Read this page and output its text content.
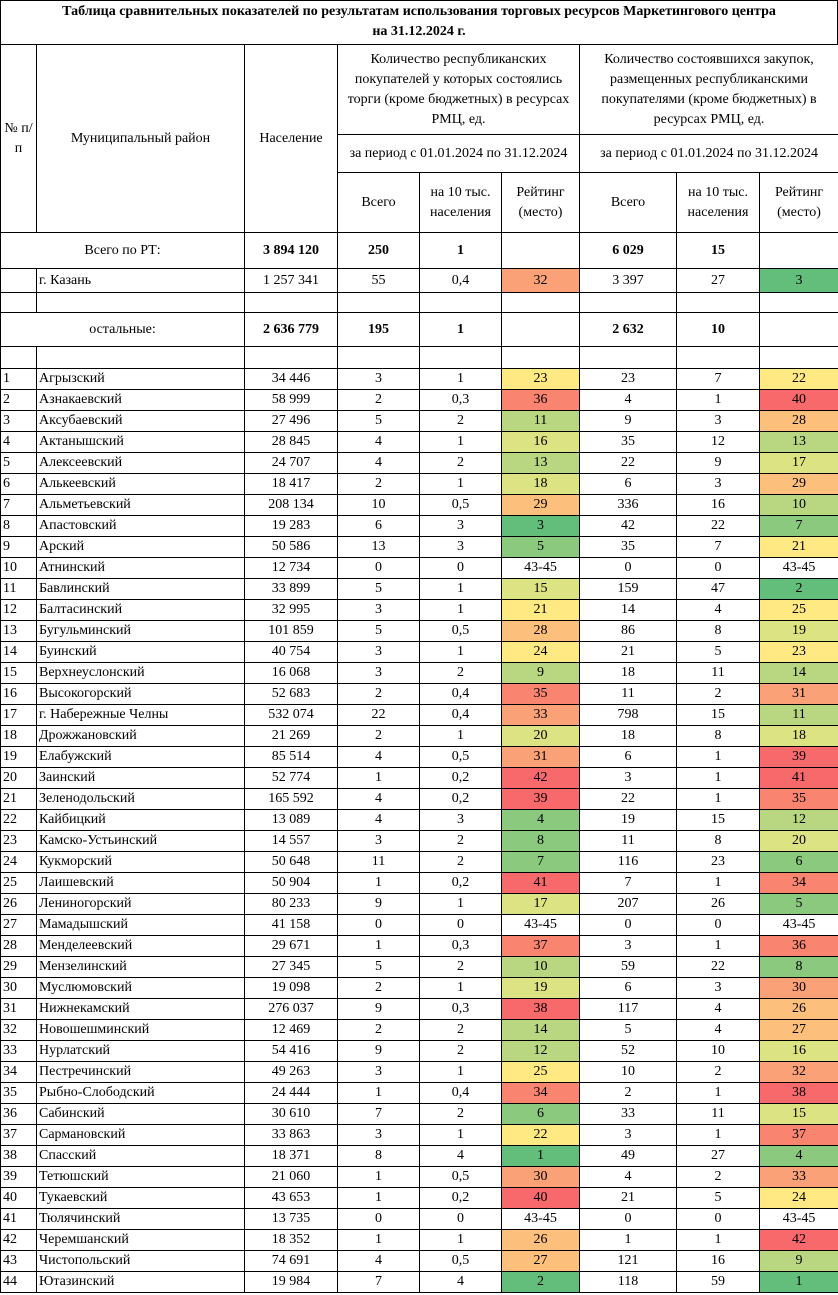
Таблица сравнительных показателей по результатам использования торговых ресурсов Маркетингового центра
на 31.12.2024 г.
№ п/п	Муниципальный район	Население	Количество республиканских покупателей у которых состоялись торги (кроме бюджетных) в ресурсах РМЦ, ед.			Количество состоявшихся закупок, размещенных республиканскими покупателями (кроме бюджетных) в ресурсах РМЦ, ед.		
			за период с 01.01.2024 по 31.12.2024			за период с 01.01.2024 по 31.12.2024		
			Всего	на 10 тыс. населения	Рейтинг (место)	Всего	на 10 тыс. населения	Рейтинг (место)
Всего по РТ:		3 894 120	250	1		6 029	15	
	г. Казань	1 257 341	55	0,4	32	3 397	27	3

остальные:		2 636 779	195	1		2 632	10	

1	Агрызский	34 446	3	1	23	23	7	22
2	Азнакаевский	58 999	2	0,3	36	4	1	40
3	Аксубаевский	27 496	5	2	11	9	3	28
4	Актанышский	28 845	4	1	16	35	12	13
5	Алексеевский	24 707	4	2	13	22	9	17
6	Алькеевский	18 417	2	1	18	6	3	29
7	Альметьевский	208 134	10	0,5	29	336	16	10
8	Апастовский	19 283	6	3	3	42	22	7
9	Арский	50 586	13	3	5	35	7	21
10	Атнинский	12 734	0	0	43-45	0	0	43-45
11	Бавлинский	33 899	5	1	15	159	47	2
12	Балтасинский	32 995	3	1	21	14	4	25
13	Бугульминский	101 859	5	0,5	28	86	8	19
14	Буинский	40 754	3	1	24	21	5	23
15	Верхнеуслонский	16 068	3	2	9	18	11	14
16	Высокогорский	52 683	2	0,4	35	11	2	31
17	г. Набережные Челны	532 074	22	0,4	33	798	15	11
18	Дрожжановский	21 269	2	1	20	18	8	18
19	Елабужский	85 514	4	0,5	31	6	1	39
20	Заинский	52 774	1	0,2	42	3	1	41
21	Зеленодольский	165 592	4	0,2	39	22	1	35
22	Кайбицкий	13 089	4	3	4	19	15	12
23	Камско-Устьинский	14 557	3	2	8	11	8	20
24	Кукморский	50 648	11	2	7	116	23	6
25	Лаишевский	50 904	1	0,2	41	7	1	34
26	Лениногорский	80 233	9	1	17	207	26	5
27	Мамадышский	41 158	0	0	43-45	0	0	43-45
28	Менделеевский	29 671	1	0,3	37	3	1	36
29	Мензелинский	27 345	5	2	10	59	22	8
30	Муслюмовский	19 098	2	1	19	6	3	30
31	Нижнекамский	276 037	9	0,3	38	117	4	26
32	Новошешминский	12 469	2	2	14	5	4	27
33	Нурлатский	54 416	9	2	12	52	10	16
34	Пестречинский	49 263	3	1	25	10	2	32
35	Рыбно-Слободский	24 444	1	0,4	34	2	1	38
36	Сабинский	30 610	7	2	6	33	11	15
37	Сармановский	33 863	3	1	22	3	1	37
38	Спасский	18 371	8	4	1	49	27	4
39	Тетюшский	21 060	1	0,5	30	4	2	33
40	Тукаевский	43 653	1	0,2	40	21	5	24
41	Тюлячинский	13 735	0	0	43-45	0	0	43-45
42	Черемшанский	18 352	1	1	26	1	1	42
43	Чистопольский	74 691	4	0,5	27	121	16	9
44	Ютазинский	19 984	7	4	2	118	59	1
